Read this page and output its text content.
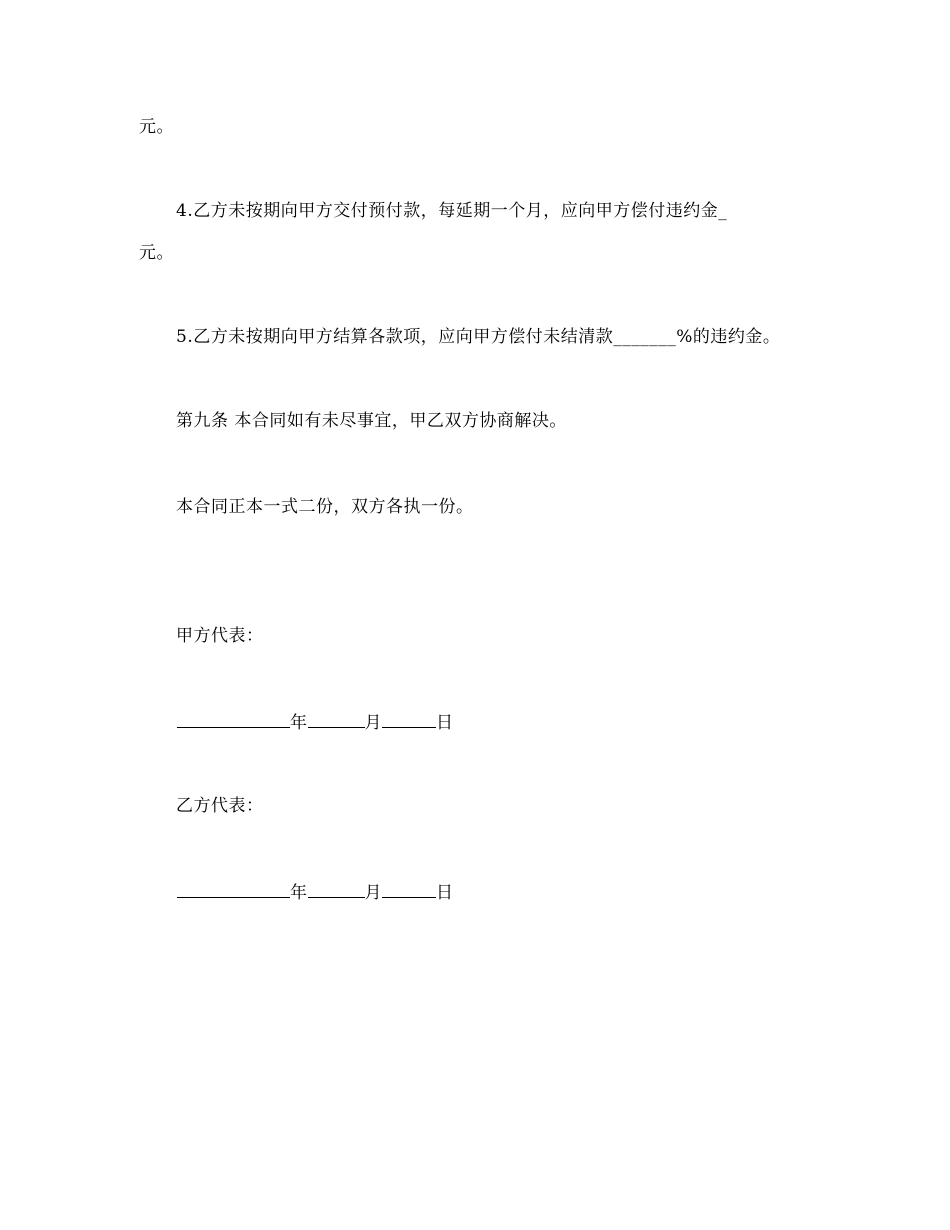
元。
4.乙方未按期向甲方交付预付款，每延期一个月，应向甲方偿付违约金_
元。
5.乙方未按期向甲方结算各款项，应向甲方偿付未结清款_______%的违约金。
第九条 本合同如有未尽事宜，甲乙双方协商解决。
本合同正本一式二份，双方各执一份。
甲方代表：
年	月	日
乙方代表：
年	月	日
